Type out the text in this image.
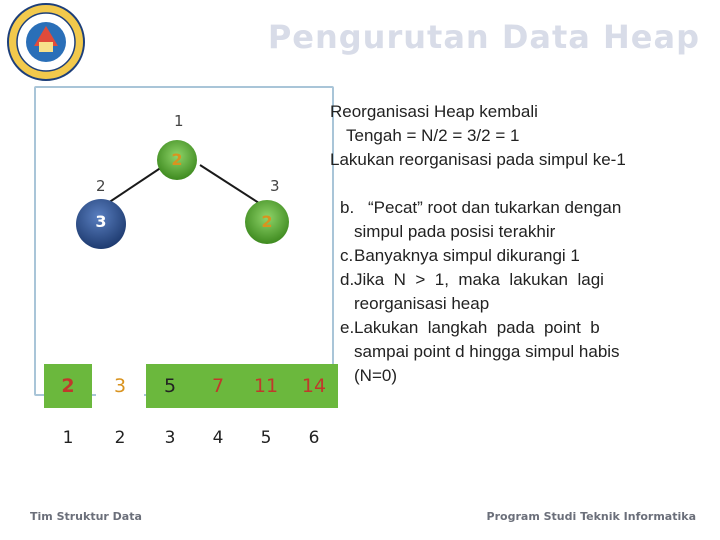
Pengurutan Data Heap
1
2	3
2
3	2
Reorganisasi Heap kembali
Tengah = N/2 = 3/2 = 1
Lakukan reorganisasi pada simpul ke-1
b. “Pecat” root dan tukarkan dengan
simpul pada posisi terakhir
c. Banyaknya simpul dikurangi 1
d. Jika  N  >  1,  maka  lakukan  lagi
reorganisasi heap
e. Lakukan  langkah  pada  point  b
sampai point d hingga simpul habis
(N=0)
2	3	5	7	11	14
1	2	3	4	5	6
Tim Struktur Data	Program Studi Teknik Informatika
